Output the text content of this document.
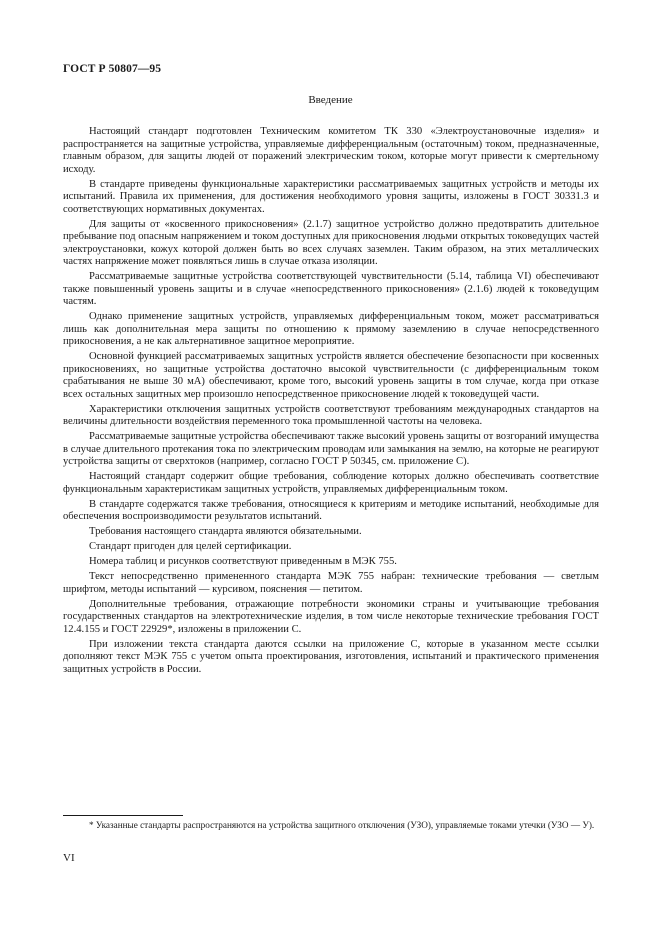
ГОСТ Р 50807—95
Введение

Настоящий стандарт подготовлен Техническим комитетом ТК 330 «Электроустановочные изделия» и распространяется на защитные устройства, управляемые дифференциальным (остаточным) током, предназначенные, главным образом, для защиты людей от поражений электрическим током, которые могут привести к смертельному исходу.

В стандарте приведены функциональные характеристики рассматриваемых защитных устройств и методы их испытаний. Правила их применения, для достижения необходимого уровня защиты, изложены в ГОСТ 30331.3 и соответствующих нормативных документах.

Для защиты от «косвенного прикосновения» (2.1.7) защитное устройство должно предотвратить длительное пребывание под опасным напряжением и током доступных для прикосновения людьми открытых токоведущих частей электроустановки, кожух которой должен быть во всех случаях заземлен. Таким образом, на этих металлических частях напряжение может появляться лишь в случае отказа изоляции.

Рассматриваемые защитные устройства соответствующей чувствительности (5.14, таблица VI) обеспечивают также повышенный уровень защиты и в случае «непосредственного прикосновения» (2.1.6) людей к токоведущим частям.

Однако применение защитных устройств, управляемых дифференциальным током, может рассматриваться лишь как дополнительная мера защиты по отношению к прямому заземлению в случае непосредственного прикосновения, а не как альтернативное защитное мероприятие.

Основной функцией рассматриваемых защитных устройств является обеспечение безопасности при косвенных прикосновениях, но защитные устройства достаточно высокой чувствительности (с дифференциальным током срабатывания не выше 30 мА) обеспечивают, кроме того, высокий уровень защиты в том случае, когда при отказе всех остальных защитных мер произошло непосредственное прикосновение людей к токоведущей части.

Характеристики отключения защитных устройств соответствуют требованиям международных стандартов на величины длительности воздействия переменного тока промышленной частоты на человека.

Рассматриваемые защитные устройства обеспечивают также высокий уровень защиты от возгораний имущества в случае длительного протекания тока по электрическим проводам или замыкания на землю, на которые не реагируют устройства защиты от сверхтоков (например, согласно ГОСТ Р 50345, см. приложение С).

Настоящий стандарт содержит общие требования, соблюдение которых должно обеспечивать соответствие функциональным характеристикам защитных устройств, управляемых дифференциальным током.

В стандарте содержатся также требования, относящиеся к критериям и методике испытаний, необходимые для обеспечения воспроизводимости результатов испытаний.

Требования настоящего стандарта являются обязательными.

Стандарт пригоден для целей сертификации.

Номера таблиц и рисунков соответствуют приведенным в МЭК 755.

Текст непосредственно примененного стандарта МЭК 755 набран: технические требования — светлым шрифтом, методы испытаний — курсивом, пояснения — петитом.

Дополнительные требования, отражающие потребности экономики страны и учитывающие требования государственных стандартов на электротехнические изделия, в том числе некоторые технические требования ГОСТ 12.4.155 и ГОСТ 22929*, изложены в приложении С.

При изложении текста стандарта даются ссылки на приложение С, которые в указанном месте ссылки дополняют текст МЭК 755 с учетом опыта проектирования, изготовления, испытаний и практического применения защитных устройств в России.

* Указанные стандарты распространяются на устройства защитного отключения (УЗО), управляемые токами утечки (УЗО — У).

VI
